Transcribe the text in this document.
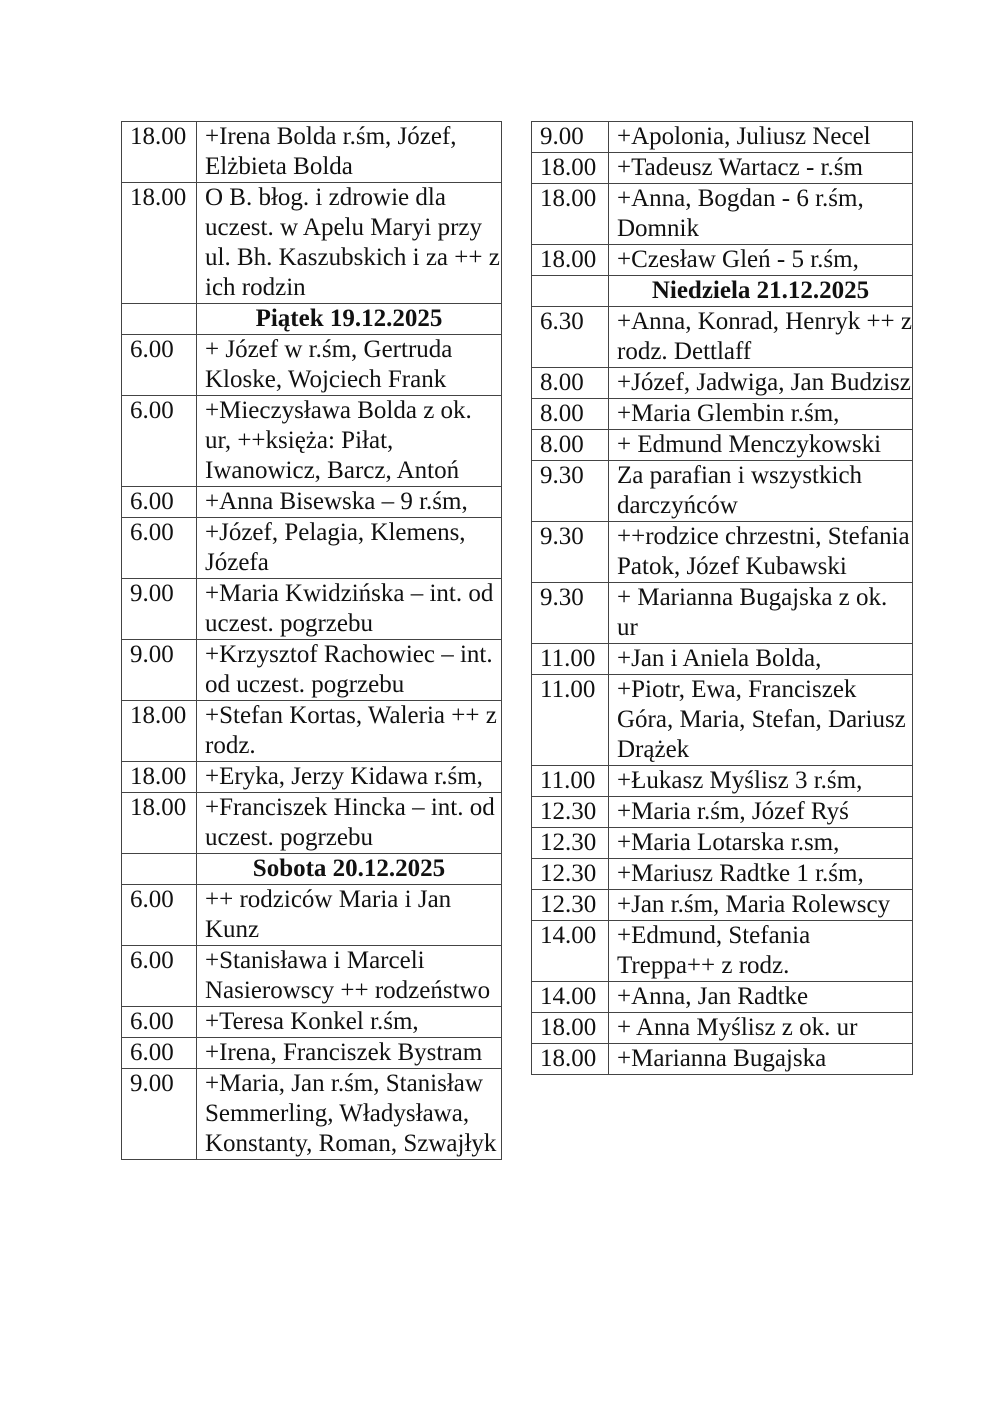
18.00	+Irena Bolda r.śm, Józef, Elżbieta Bolda
18.00	O B. błog. i zdrowie dla uczest. w Apelu Maryi przy ul. Bh. Kaszubskich i za ++ z ich rodzin
	Piątek 19.12.2025
6.00	+ Józef w r.śm, Gertruda Kloske, Wojciech Frank
6.00	+Mieczysława Bolda z ok. ur, ++księża: Piłat, Iwanowicz, Barcz, Antoń
6.00	+Anna Bisewska – 9 r.śm,
6.00	+Józef, Pelagia, Klemens, Józefa
9.00	+Maria Kwidzińska – int. od uczest. pogrzebu
9.00	+Krzysztof Rachowiec – int. od uczest. pogrzebu
18.00	+Stefan Kortas, Waleria ++ z rodz.
18.00	+Eryka, Jerzy Kidawa r.śm,
18.00	+Franciszek Hincka – int. od uczest. pogrzebu
	Sobota 20.12.2025
6.00	++ rodziców Maria i Jan Kunz
6.00	+Stanisława i Marceli Nasierowscy ++ rodzeństwo
6.00	+Teresa Konkel r.śm,
6.00	+Irena, Franciszek Bystram
9.00	+Maria, Jan r.śm, Stanisław Semmerling, Władysława, Konstanty, Roman, Szwajłyk
9.00	+Apolonia, Juliusz Necel
18.00	+Tadeusz Wartacz - r.śm
18.00	+Anna, Bogdan - 6 r.śm, Domnik
18.00	+Czesław Gleń - 5 r.śm,
	Niedziela 21.12.2025
6.30	+Anna, Konrad, Henryk ++ z rodz. Dettlaff
8.00	+Józef, Jadwiga, Jan Budzisz
8.00	+Maria Glembin r.śm,
8.00	+ Edmund Menczykowski
9.30	Za parafian i wszystkich darczyńców
9.30	++rodzice chrzestni, Stefania Patok, Józef Kubawski
9.30	+ Marianna Bugajska z ok. ur
11.00	+Jan i Aniela Bolda,
11.00	+Piotr, Ewa, Franciszek Góra, Maria, Stefan, Dariusz Drążek
11.00	+Łukasz Myślisz 3 r.śm,
12.30	+Maria r.śm, Józef Ryś
12.30	+Maria Lotarska r.sm,
12.30	+Mariusz Radtke 1 r.śm,
12.30	+Jan r.śm, Maria Rolewscy
14.00	+Edmund, Stefania Treppa++ z rodz.
14.00	+Anna, Jan Radtke
18.00	+ Anna Myślisz z ok. ur
18.00	+Marianna Bugajska
